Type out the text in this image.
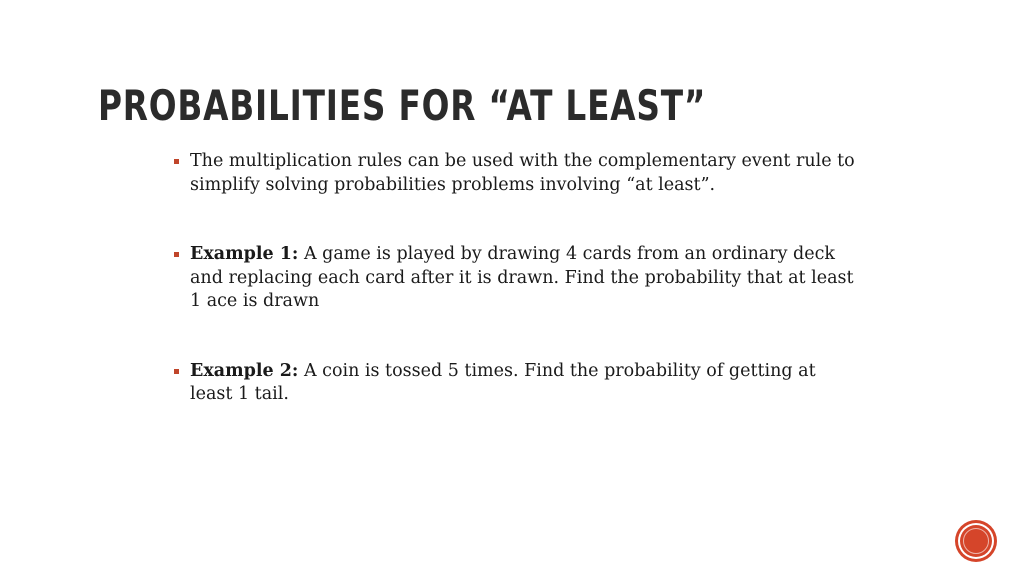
PROBABILITIES FOR “AT LEAST”
The multiplication rules can be used with the complementary event rule to simplify solving probabilities problems involving “at least”.
Example 1: A game is played by drawing 4 cards from an ordinary deck and replacing each card after it is drawn. Find the probability that at least 1 ace is drawn
Example 2: A coin is tossed 5 times. Find the probability of getting at least 1 tail.
